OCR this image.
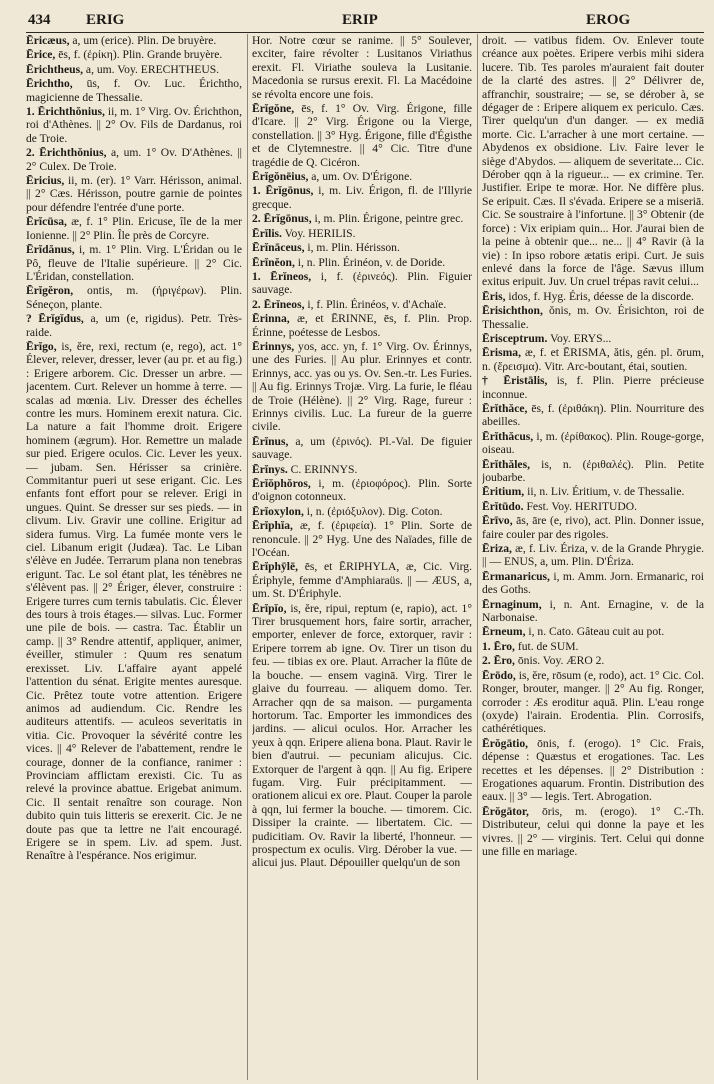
434 ERIG	ERIP	EROG
Ēricæus, a, um (erice). Plin. De bruyère.
Ērice, ēs, f. (ἐρίκη). Plin. Grande bruyère.
Ērichtheus, a, um. Voy. ERECHTHEUS.
Ērichtho, ūs, f. Ov. Luc. Érichtho, magicienne de Thessalie.
1. Ērichthŏnius, ii, m. 1° Virg. Ov. Érichthon, roi d'Athènes. || 2° Ov. Fils de Dardanus, roi de Troie.
2. Ērichthŏnius, a, um. 1° Ov. D'Athènes. || 2° Culex. De Troie.
Ēricius, ii, m. (er). 1° Varr. Hérisson, animal. || 2° Cæs. Hérisson, poutre garnie de pointes pour défendre l'entrée d'une porte.
Ērĭcūsa, æ, f. 1° Plin. Ericuse, île de la mer Ionienne. || 2° Plin. Île près de Corcyre.
Ērĭdănus, i, m. 1° Plin. Virg. L'Éridan ou le Pô, fleuve de l'Italie supérieure. || 2° Cic. L'Éridan, constellation.
Ērĭgĕron, ontis, m. (ἠριγέρων). Plin. Séneçon, plante.
? Ērĭgĭdus, a, um (e, rigidus). Petr. Très-raide.
Ērĭgo, is, ĕre, rexi, rectum (e, rego), act. 1° Élever, relever, dresser, lever (au pr. et au fig.) : Erigere arborem. Cic. Dresser un arbre. — jacentem. Curt. Relever un homme à terre. — scalas ad mœnia. Liv. Dresser des échelles contre les murs. Hominem erexit natura. Cic. La nature a fait l'homme droit. Erigere hominem (ægrum). Hor. Remettre un malade sur pied. Erigere oculos. Cic. Lever les yeux. — jubam. Sen. Hérisser sa crinière. Commitantur pueri ut sese erigant. Cic. Les enfants font effort pour se relever. Erigi in ungues. Quint. Se dresser sur ses pieds. — in clivum. Liv. Gravir une colline. Erigitur ad sidera fumus. Virg. La fumée monte vers le ciel. Libanum erigit (Judæa). Tac. Le Liban s'élève en Judée. Terrarum plana non tenebras erigunt. Tac. Le sol étant plat, les ténèbres ne s'élèvent pas. || 2° Ériger, élever, construire : Erigere turres cum ternis tabulatis. Cic. Élever des tours à trois étages.— silvas. Luc. Former une pile de bois. — castra. Tac. Établir un camp. || 3° Rendre attentif, appliquer, animer, éveiller, stimuler : Quum res senatum erexisset. Liv. L'affaire ayant appelé l'attention du sénat. Erigite mentes auresque. Cic. Prêtez toute votre attention. Erigere animos ad audiendum. Cic. Rendre les auditeurs attentifs. — aculeos severitatis in vitia. Cic. Provoquer la sévérité contre les vices. || 4° Relever de l'abattement, rendre le courage, donner de la confiance, ranimer : Provinciam afflictam erexisti. Cic. Tu as relevé la province abattue. Erigebat animum. Cic. Il sentait renaître son courage. Non dubito quin tuis litteris se erexerit. Cic. Je ne doute pas que ta lettre ne l'ait encouragé. Erigere se in spem. Liv. ad spem. Just. Renaître à l'espérance. Nos erigimur.
Hor. Notre cœur se ranime. || 5° Soulever, exciter, faire révolter : Lusitanos Viriathus erexit. Fl. Viriathe souleva la Lusitanie. Macedonia se rursus erexit. Fl. La Macédoine se révolta encore une fois.
Ērĭgŏne, ēs, f. 1° Ov. Virg. Érigone, fille d'Icare. || 2° Virg. Érigone ou la Vierge, constellation. || 3° Hyg. Érigone, fille d'Égisthe et de Clytemnestre. || 4° Cic. Titre d'une tragédie de Q. Cicéron.
Ērĭgŏnēius, a, um. Ov. D'Érigone.
1. Ērĭgōnus, i, m. Liv. Érigon, fl. de l'Illyrie grecque.
2. Ērĭgōnus, i, m. Plin. Érigone, peintre grec.
Ērĭlis. Voy. HERILIS.
Ērĭnāceus, i, m. Plin. Hérisson.
Ērĭnĕon, i, n. Plin. Érinéon, v. de Doride.
1. Ērĭneos, i, f. (ἐρινεός). Plin. Figuier sauvage.
2. Ērĭneos, i, f. Plin. Érinéos, v. d'Achaïe.
Ērinna, æ, et ĒRINNE, ēs, f. Plin. Prop. Érinne, poétesse de Lesbos.
Ērinnys, yos, acc. yn, f. 1° Virg. Ov. Érinnys, une des Furies. || Au plur. Erinnyes et contr. Erinnys, acc. yas ou ys. Ov. Sen.-tr. Les Furies. || Au fig. Erinnys Trojæ. Virg. La furie, le fléau de Troie (Hélène). || 2° Virg. Rage, fureur : Erinnys civilis. Luc. La fureur de la guerre civile.
Ērĭnus, a, um (ἐρινός). Pl.-Val. De figuier sauvage.
Ērĭnys. C. ERINNYS.
Ērĭŏphŏros, i, m. (ἐριοφόρος). Plin. Sorte d'oignon cotonneux.
Ērĭoxylon, i, n. (ἐριόξυλον). Dig. Coton.
Ērĭphĭa, æ, f. (ἐριφεία). 1° Plin. Sorte de renoncule. || 2° Hyg. Une des Naïades, fille de l'Océan.
Ērĭphȳlē, ēs, et ĒRIPHYLA, æ, Cic. Virg. Ériphyle, femme d'Amphiaraüs. || — ÆUS, a, um. St. D'Ériphyle.
Ērĭpĭo, is, ĕre, ripui, reptum (e, rapio), act. 1° Tirer brusquement hors, faire sortir, arracher, emporter, enlever de force, extorquer, ravir : Eripere torrem ab igne. Ov. Tirer un tison du feu. — tibias ex ore. Plaut. Arracher la flûte de la bouche. — ensem vaginā. Virg. Tirer le glaive du fourreau. — aliquem domo. Ter. Arracher qqn de sa maison. — purgamenta hortorum. Tac. Emporter les immondices des jardins. — alicui oculos. Hor. Arracher les yeux à qqn. Eripere aliena bona. Plaut. Ravir le bien d'autrui. — pecuniam alicujus. Cic. Extorquer de l'argent à qqn. || Au fig. Eripere fugam. Virg. Fuir précipitamment. — orationem alicui ex ore. Plaut. Couper la parole à qqn, lui fermer la bouche. — timorem. Cic. Dissiper la crainte. — libertatem. Cic. — pudicitiam. Ov. Ravir la liberté, l'honneur. — prospectum ex oculis. Virg. Dérober la vue. — alicui jus. Plaut. Dépouiller quelqu'un de son
droit. — vatibus fidem. Ov. Enlever toute créance aux poètes. Eripere verbis mihi sidera lucere. Tib. Tes paroles m'auraient fait douter de la clarté des astres. || 2° Délivrer de, affranchir, soustraire; — se, se dérober à, se dégager de : Eripere aliquem ex periculo. Cæs. Tirer quelqu'un d'un danger. — ex mediā morte. Cic. L'arracher à une mort certaine. — Abydenos ex obsidione. Liv. Faire lever le siège d'Abydos. — aliquem de severitate... Cic. Dérober qqn à la rigueur... — ex crimine. Ter. Justifier. Eripe te moræ. Hor. Ne diffère plus. Se eripuit. Cæs. Il s'évada. Eripere se a miseriā. Cic. Se soustraire à l'infortune. || 3° Obtenir (de force) : Vix eripiam quin... Hor. J'aurai bien de la peine à obtenir que... ne... || 4° Ravir (à la vie) : In ipso robore ætatis eripi. Curt. Je suis enlevé dans la force de l'âge. Sævus illum exitus eripuit. Juv. Un cruel trépas ravit celui...
Ēris, idos, f. Hyg. Éris, déesse de la discorde.
Ērisichthon, ŏnis, m. Ov. Érisichton, roi de Thessalie.
Ērisceptrum. Voy. ERYS...
Ērisma, æ, f. et ĒRISMA, ătis, gén. pl. ōrum, n. (ἔρεισμα). Vitr. Arc-boutant, étai, soutien.
† Ēristālis, is, f. Plin. Pierre précieuse inconnue.
Ērĭthăce, ēs, f. (ἐριθάκη). Plin. Nourriture des abeilles.
Ērĭthăcus, i, m. (ἐρίθακος). Plin. Rouge-gorge, oiseau.
Ērĭthăles, is, n. (ἐριθαλές). Plin. Petite joubarbe.
Ēritium, ii, n. Liv. Éritium, v. de Thessalie.
Ērĭtūdo. Fest. Voy. HERITUDO.
Ērīvo, ās, āre (e, rivo), act. Plin. Donner issue, faire couler par des rigoles.
Ēriza, æ, f. Liv. Ériza, v. de la Grande Phrygie. || — ENUS, a, um. Plin. D'Ériza.
Ērmanaricus, i, m. Amm. Jorn. Ermanaric, roi des Goths.
Ērnaginum, i, n. Ant. Ernagine, v. de la Narbonaise.
Ērneum, i, n. Cato. Gâteau cuit au pot.
1. Ēro, fut. de SUM.
2. Ēro, ōnis. Voy. ÆRO 2.
Ērōdo, is, ĕre, rōsum (e, rodo), act. 1° Cic. Col. Ronger, brouter, manger. || 2° Au fig. Ronger, corroder : Æs eroditur aquā. Plin. L'eau ronge (oxyde) l'airain. Erodentia. Plin. Corrosifs, cathérétiques.
Ērŏgātio, ōnis, f. (erogo). 1° Cic. Frais, dépense : Quæstus et erogationes. Tac. Les recettes et les dépenses. || 2° Distribution : Erogationes aquarum. Frontin. Distribution des eaux. || 3° — legis. Tert. Abrogation.
Ērŏgātor, ōris, m. (erogo). 1° C.-Th. Distributeur, celui qui donne la paye et les vivres. || 2° — virginis. Tert. Celui qui donne une fille en mariage.
